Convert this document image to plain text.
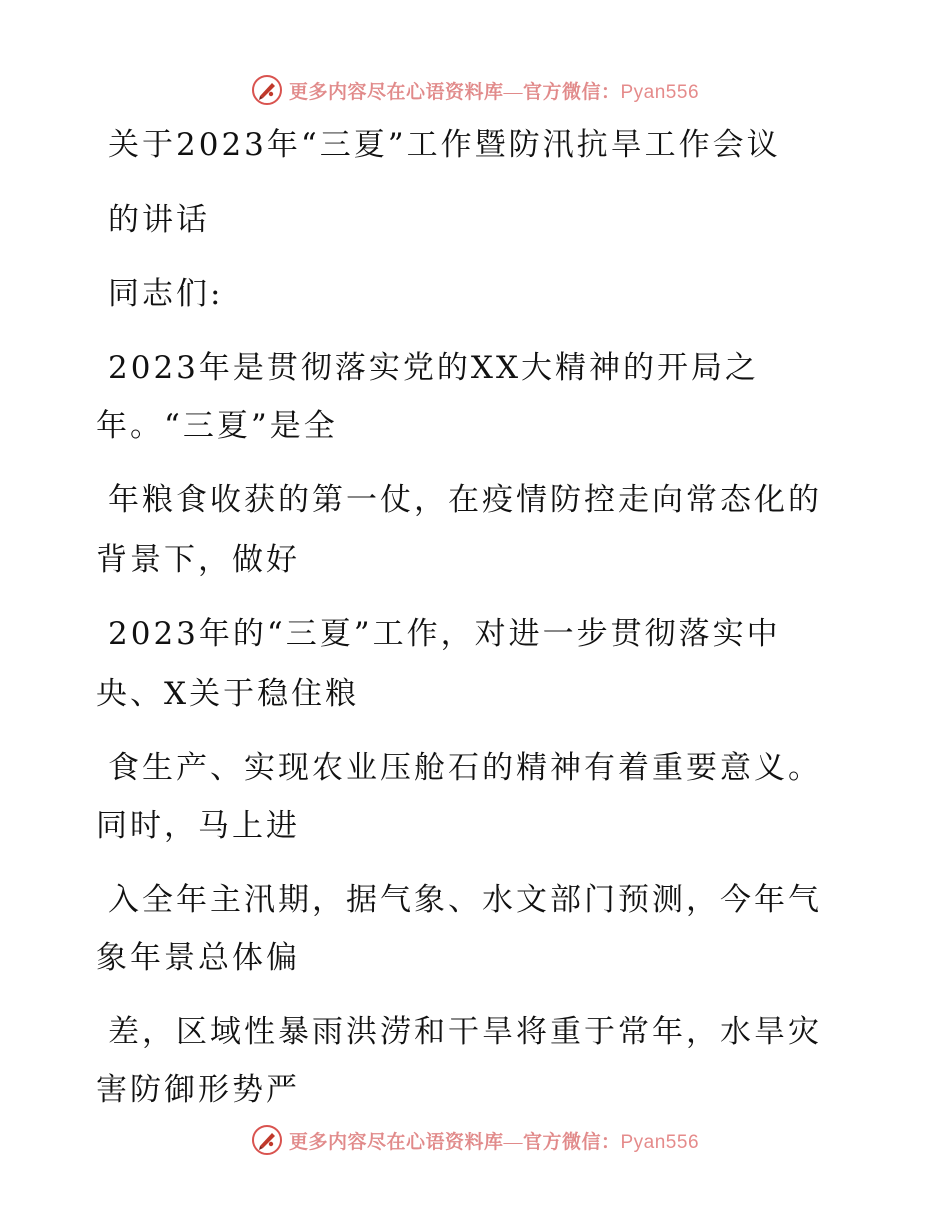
更多内容尽在心语资料库—官方微信：Pyan556
关于2023年“三夏”工作暨防汛抗旱工作会议
的讲话
同志们:
2023年是贯彻落实党的XX大精神的开局之
年。“三夏”是全
年粮食收获的第一仗，在疫情防控走向常态化的
背景下，做好
2023年的“三夏”工作，对进一步贯彻落实中
央、X关于稳住粮
食生产、实现农业压舱石的精神有着重要意义。
同时，马上进
入全年主汛期，据气象、水文部门预测，今年气
象年景总体偏
差，区域性暴雨洪涝和干旱将重于常年，水旱灾
害防御形势严
更多内容尽在心语资料库—官方微信：Pyan556
